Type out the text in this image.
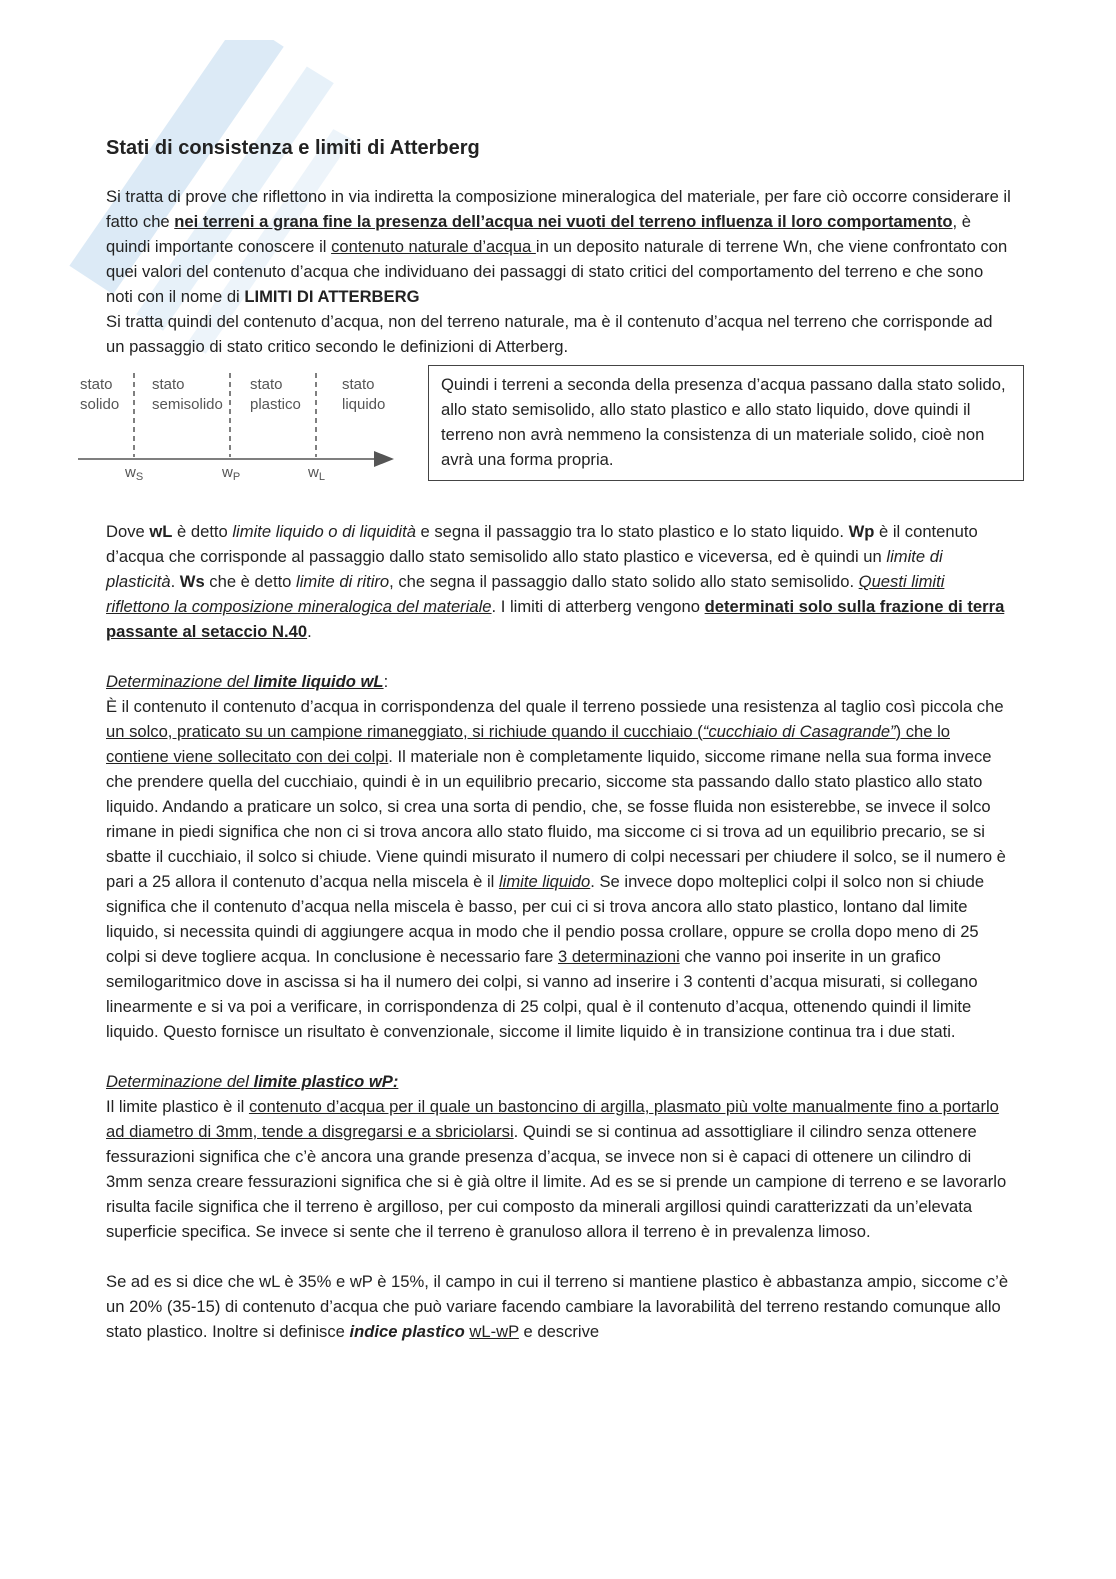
Stati di consistenza e limiti di Atterberg

Si tratta di prove che riflettono in via indiretta la composizione mineralogica del materiale, per fare ciò occorre considerare il fatto che nei terreni a grana fine la presenza dell’acqua nei vuoti del terreno influenza il loro comportamento, è quindi importante conoscere il contenuto naturale d’acqua in un deposito naturale di terrene Wn, che viene confrontato con quei valori del contenuto d’acqua che individuano dei passaggi di stato critici del comportamento del terreno e che sono noti con il nome di LIMITI DI ATTERBERG

Si tratta quindi del contenuto d’acqua, non del terreno naturale, ma è il contenuto d’acqua nel terreno che corrisponde ad un passaggio di stato critico secondo le definizioni di Atterberg.

stato
solido
stato
semisolido
stato
plastico
stato
liquido
$w_S$	$w_P$	$w_L$
Quindi i terreni a seconda della presenza d’acqua passano dalla stato solido, allo stato semisolido, allo stato plastico e allo stato liquido, dove quindi il terreno non avrà nemmeno la consistenza di un materiale solido, cioè non avrà una forma propria.

Dove wL è detto limite liquido o di liquidità e segna il passaggio tra lo stato plastico e lo stato liquido. Wp è il contenuto d’acqua che corrisponde al passaggio dallo stato semisolido allo stato plastico e viceversa, ed è quindi un limite di plasticità. Ws che è detto limite di ritiro, che segna il passaggio dallo stato solido allo stato semisolido. Questi limiti riflettono la composizione mineralogica del materiale. I limiti di atterberg vengono determinati solo sulla frazione di terra passante al setaccio N.40.

Determinazione del limite liquido wL:

È il contenuto il contenuto d’acqua in corrispondenza del quale il terreno possiede una resistenza al taglio così piccola che un solco, praticato su un campione rimaneggiato, si richiude quando il cucchiaio (“cucchiaio di Casagrande”) che lo contiene viene sollecitato con dei colpi. Il materiale non è completamente liquido, siccome rimane nella sua forma invece che prendere quella del cucchiaio, quindi è in un equilibrio precario, siccome sta passando dallo stato plastico allo stato liquido. Andando a praticare un solco, si crea una sorta di pendio, che, se fosse fluida non esisterebbe, se invece il solco rimane in piedi significa che non ci si trova ancora allo stato fluido, ma siccome ci si trova ad un equilibrio precario, se si sbatte il cucchiaio, il solco si chiude. Viene quindi misurato il numero di colpi necessari per chiudere il solco, se il numero è pari a 25 allora il contenuto d’acqua nella miscela è il limite liquido. Se invece dopo molteplici colpi il solco non si chiude significa che il contenuto d’acqua nella miscela è basso, per cui ci si trova ancora allo stato plastico, lontano dal limite liquido, si necessita quindi di aggiungere acqua in modo che il pendio possa crollare, oppure se crolla dopo meno di 25 colpi si deve togliere acqua. In conclusione è necessario fare 3 determinazioni che vanno poi inserite in un grafico semilogaritmico dove in ascissa si ha il numero dei colpi, si vanno ad inserire i 3 contenti d’acqua misurati, si collegano linearmente e si va poi a verificare, in corrispondenza di 25 colpi, qual è il contenuto d’acqua, ottenendo quindi il limite liquido. Questo fornisce un risultato è convenzionale, siccome il limite liquido è in transizione continua tra i due stati.

Determinazione del limite plastico wP:

Il limite plastico è il contenuto d’acqua per il quale un bastoncino di argilla, plasmato più volte manualmente fino a portarlo ad diametro di 3mm, tende a disgregarsi e a sbriciolarsi. Quindi se si continua ad assottigliare il cilindro senza ottenere fessurazioni significa che c’è ancora una grande presenza d’acqua, se invece non si è capaci di ottenere un cilindro di 3mm senza creare fessurazioni significa che si è già oltre il limite. Ad es se si prende un campione di terreno e se lavorarlo risulta facile significa che il terreno è argilloso, per cui composto da minerali argillosi quindi caratterizzati da un’elevata superficie specifica. Se invece si sente che il terreno è granuloso allora il terreno è in prevalenza limoso.

Se ad es si dice che wL è 35% e wP è 15%, il campo in cui il terreno si mantiene plastico è abbastanza ampio, siccome c’è un 20% (35-15) di contenuto d’acqua che può variare facendo cambiare la lavorabilità del terreno restando comunque allo stato plastico. Inoltre si definisce indice plastico wL-wP e descrive
